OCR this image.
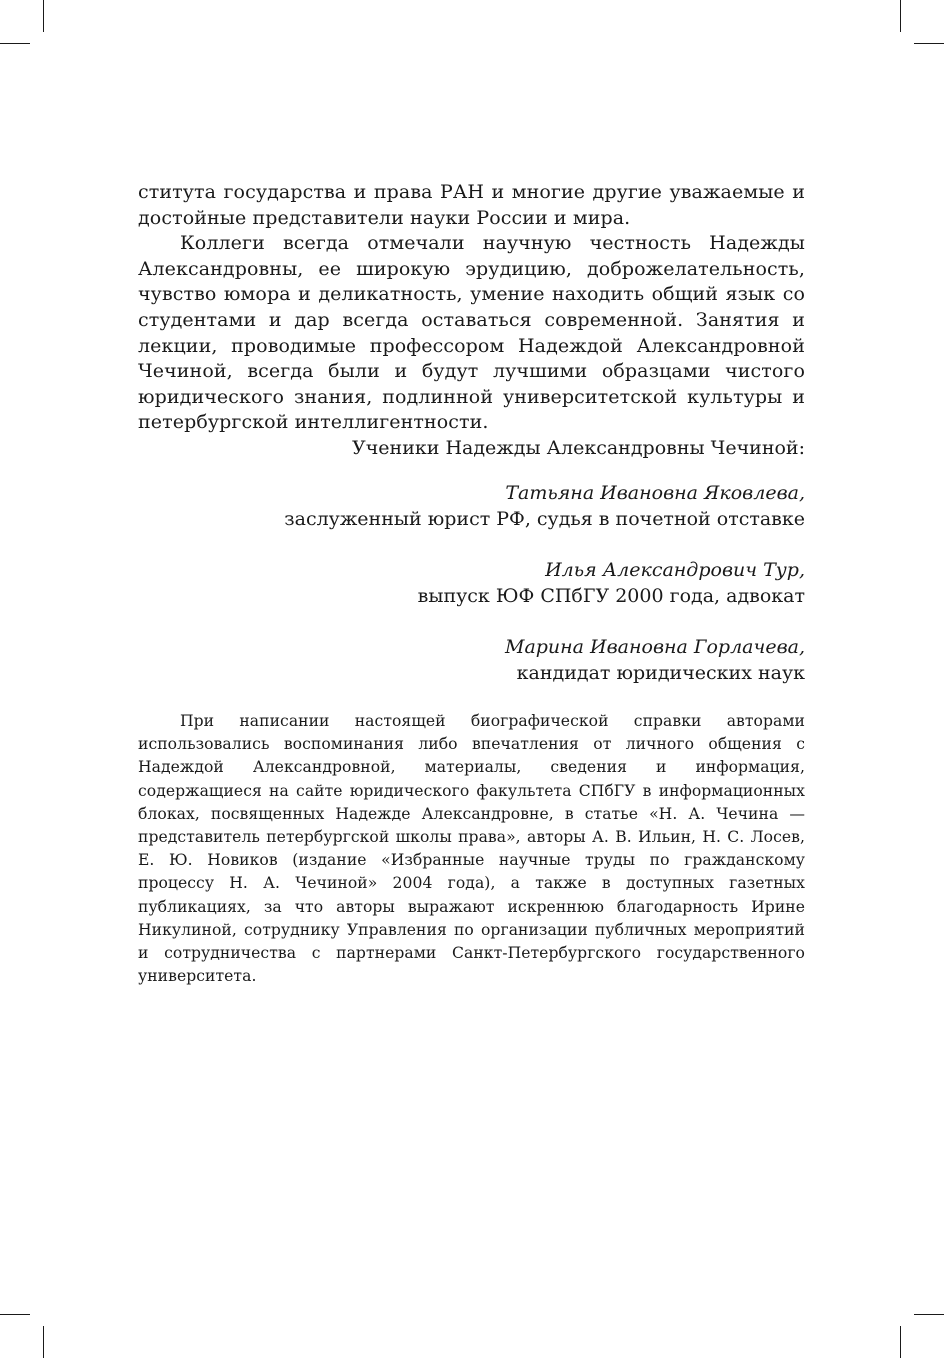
ститута государства и права РАН и многие другие уважаемые и достойные представители науки России и мира.

Коллеги всегда отмечали научную честность Надежды Александровны, ее широкую эрудицию, доброжелательность, чувство юмора и деликатность, умение находить общий язык со студентами и дар всегда оставаться современной. Занятия и лекции, проводимые профессором Надеждой Александровной Чечиной, всегда были и будут лучшими образцами чистого юридического знания, подлинной университетской культуры и петербургской интеллигентности.

Ученики Надежды Александровны Чечиной:
Татьяна Ивановна Яковлева,
заслуженный юрист РФ, судья в почетной отставке
Илья Александрович Тур,
выпуск ЮФ СПбГУ 2000 года, адвокат
Марина Ивановна Горлачева,
кандидат юридических наук

При написании настоящей биографической справки авторами использовались воспоминания либо впечатления от личного общения с Надеждой Александровной, материалы, сведения и информация, содержащиеся на сайте юридического факультета СПбГУ в информационных блоках, посвященных Надежде Александровне, в статье «Н. А. Чечина — представитель петербургской школы права», авторы А. В. Ильин, Н. С. Лосев, Е. Ю. Новиков (издание «Избранные научные труды по гражданскому процессу Н. А. Чечиной» 2004 года), а также в доступных газетных публикациях, за что авторы выражают искреннюю благодарность Ирине Никулиной, сотруднику Управления по организации публичных мероприятий и сотрудничества с партнерами Санкт-Петербургского государственного университета.
